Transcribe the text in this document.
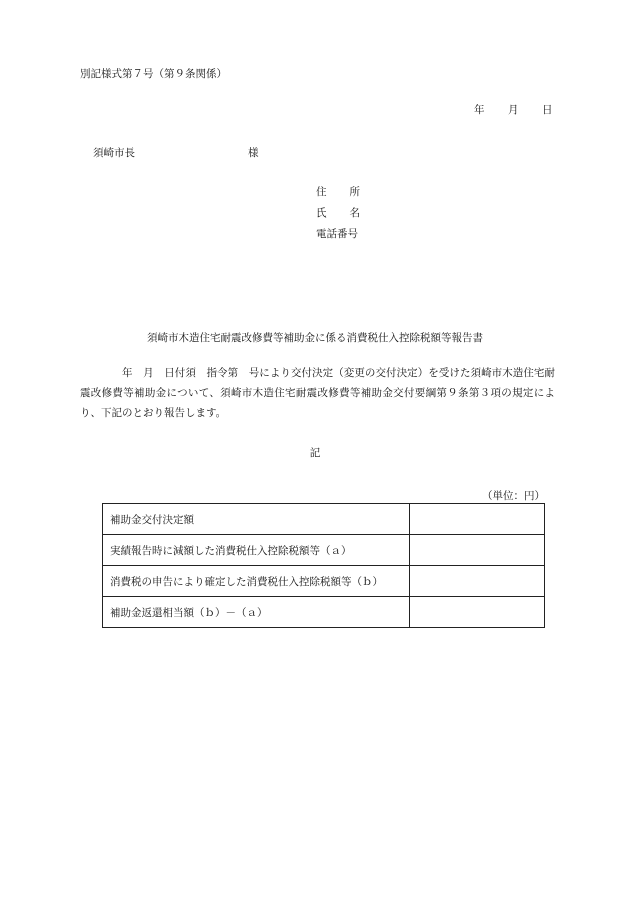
別記様式第７号（第９条関係）
年 月 日
須崎市長	様
住所
氏名
電話番号
須崎市木造住宅耐震改修費等補助金に係る消費税仕入控除税額等報告書

年　月　日付須　指令第　号により交付決定（変更の交付決定）を受けた須崎市木造住宅耐震改修費等補助金について、須崎市木造住宅耐震改修費等補助金交付要綱第９条第３項の規定により、下記のとおり報告します。

記
（単位：円）
補助金交付決定額	
実績報告時に減額した消費税仕入控除税額等（ａ）	
消費税の申告により確定した消費税仕入控除税額等（ｂ）	
補助金返還相当額（ｂ）－（ａ）	
